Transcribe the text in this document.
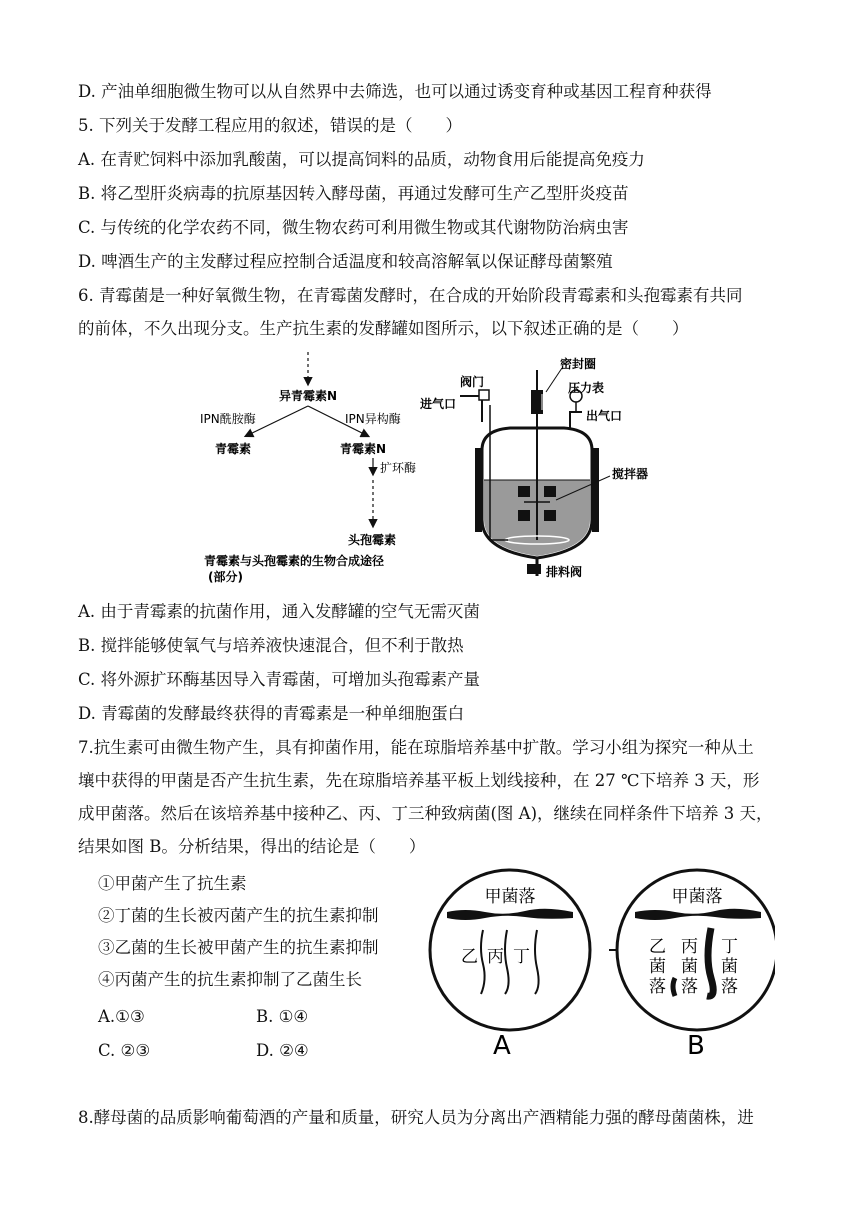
D. 产油单细胞微生物可以从自然界中去筛选，也可以通过诱变育种或基因工程育种获得
5. 下列关于发酵工程应用的叙述，错误的是（　　）
A. 在青贮饲料中添加乳酸菌，可以提高饲料的品质，动物食用后能提高免疫力
B. 将乙型肝炎病毒的抗原基因转入酵母菌，再通过发酵可生产乙型肝炎疫苗
C. 与传统的化学农药不同，微生物农药可利用微生物或其代谢物防治病虫害
D. 啤酒生产的主发酵过程应控制合适温度和较高溶解氧以保证酵母菌繁殖
6. 青霉菌是一种好氧微生物，在青霉菌发酵时，在合成的开始阶段青霉素和头孢霉素有共同
的前体，不久出现分支。生产抗生素的发酵罐如图所示，以下叙述正确的是（　　）
异青霉素N
IPN酰胺酶	IPN异构酶
青霉素	青霉素N
扩环酶
头孢霉素
青霉素与头孢霉素的生物合成途径
(部分)
密封圈
阀门
进气口
压力表
出气口
搅拌器
排料阀
A. 由于青霉素的抗菌作用，通入发酵罐的空气无需灭菌
B. 搅拌能够使氧气与培养液快速混合，但不利于散热
C. 将外源扩环酶基因导入青霉菌，可增加头孢霉素产量
D. 青霉菌的发酵最终获得的青霉素是一种单细胞蛋白
7.抗生素可由微生物产生，具有抑菌作用，能在琼脂培养基中扩散。学习小组为探究一种从土
壤中获得的甲菌是否产生抗生素，先在琼脂培养基平板上划线接种，在 27 ℃下培养 3 天，形
成甲菌落。然后在该培养基中接种乙、丙、丁三种致病菌(图 A)，继续在同样条件下培养 3 天，
结果如图 B。分析结果，得出的结论是（　　）
①甲菌产生了抗生素
②丁菌的生长被丙菌产生的抗生素抑制
③乙菌的生长被甲菌产生的抗生素抑制
④丙菌产生的抗生素抑制了乙菌生长
A.①③	B. ①④
C. ②③	D. ②④
甲菌落
乙 丙 丁
甲菌落
乙菌落
丙菌落
丁菌落
A	B
8.酵母菌的品质影响葡萄酒的产量和质量，研究人员为分离出产酒精能力强的酵母菌菌株，进
